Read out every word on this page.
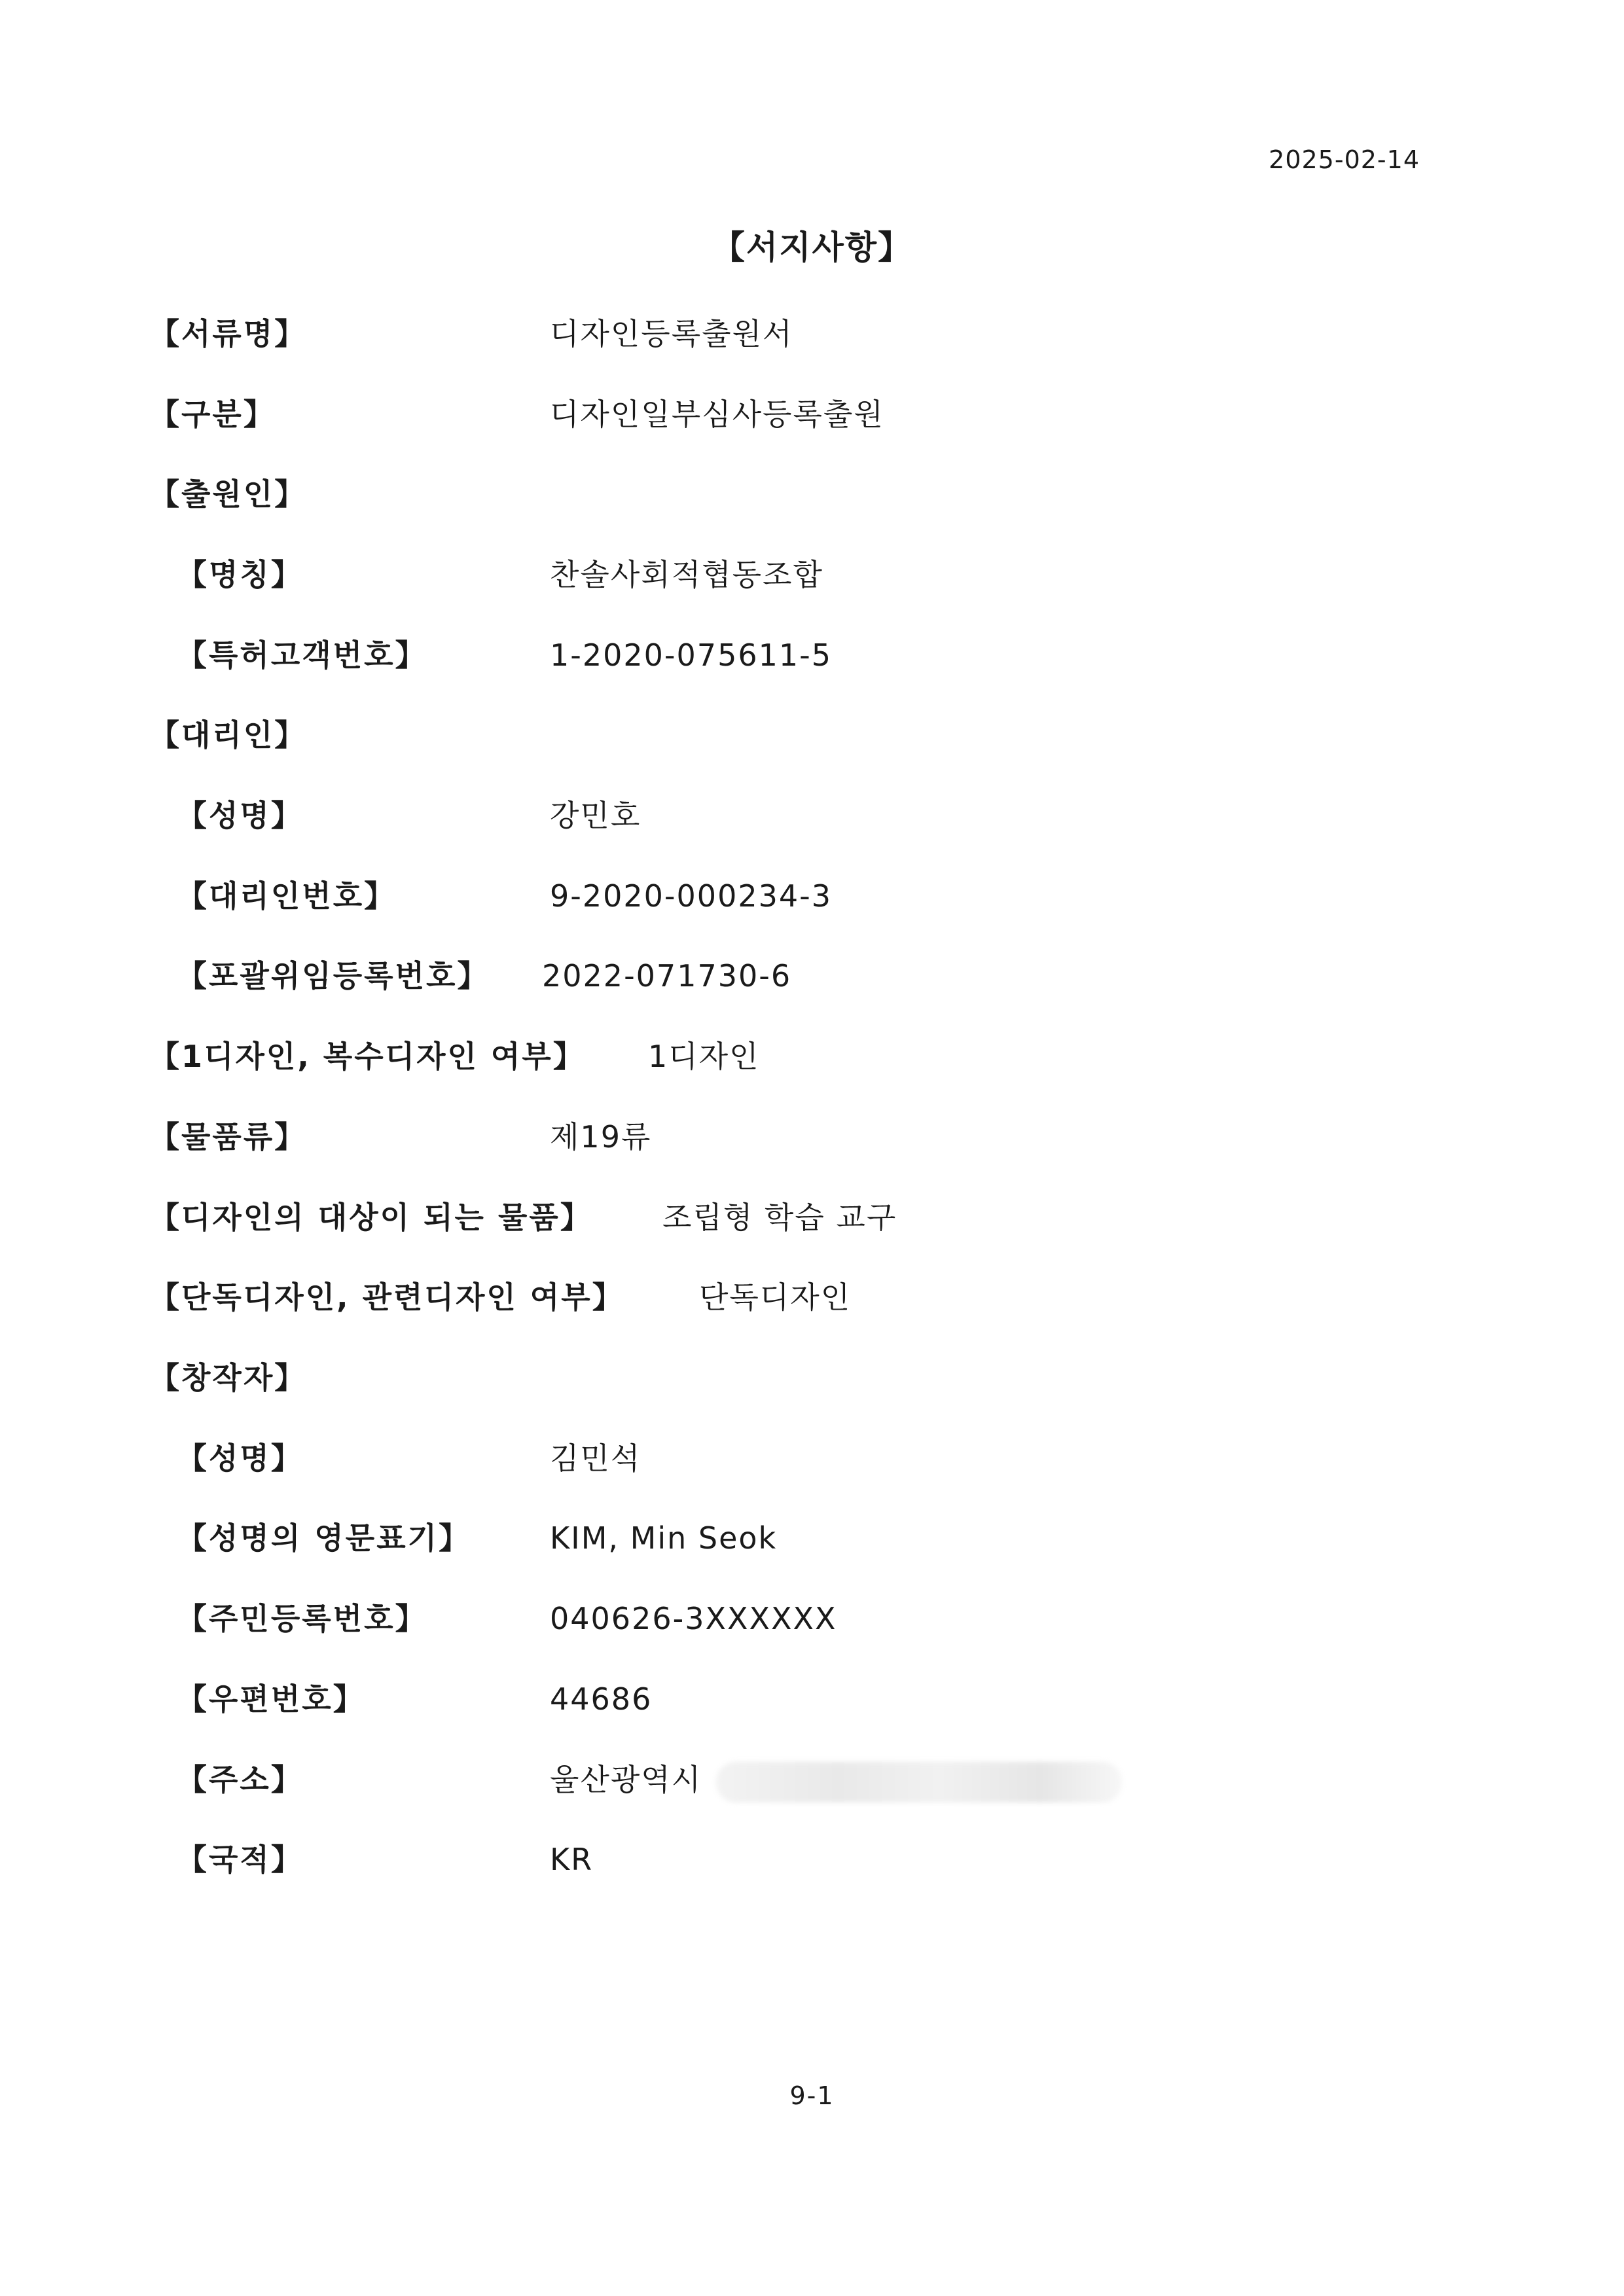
2025-02-14
【서지사항】
【서류명】	디자인등록출원서
【구분】	디자인일부심사등록출원
【출원인】
【명칭】	찬솔사회적협동조합
【특허고객번호】	1-2020-075611-5
【대리인】
【성명】	강민호
【대리인번호】	9-2020-000234-3
【포괄위임등록번호】 2022-071730-6
【1디자인, 복수디자인 여부】 1디자인
【물품류】	제19류
【디자인의 대상이 되는 물품】 조립형 학습 교구
【단독디자인, 관련디자인 여부】 단독디자인
【창작자】
【성명】	김민석
【성명의 영문표기】	KIM, Min Seok
【주민등록번호】	040626-3XXXXXX
【우편번호】	44686
【주소】	울산광역시
【국적】	KR
9-1
